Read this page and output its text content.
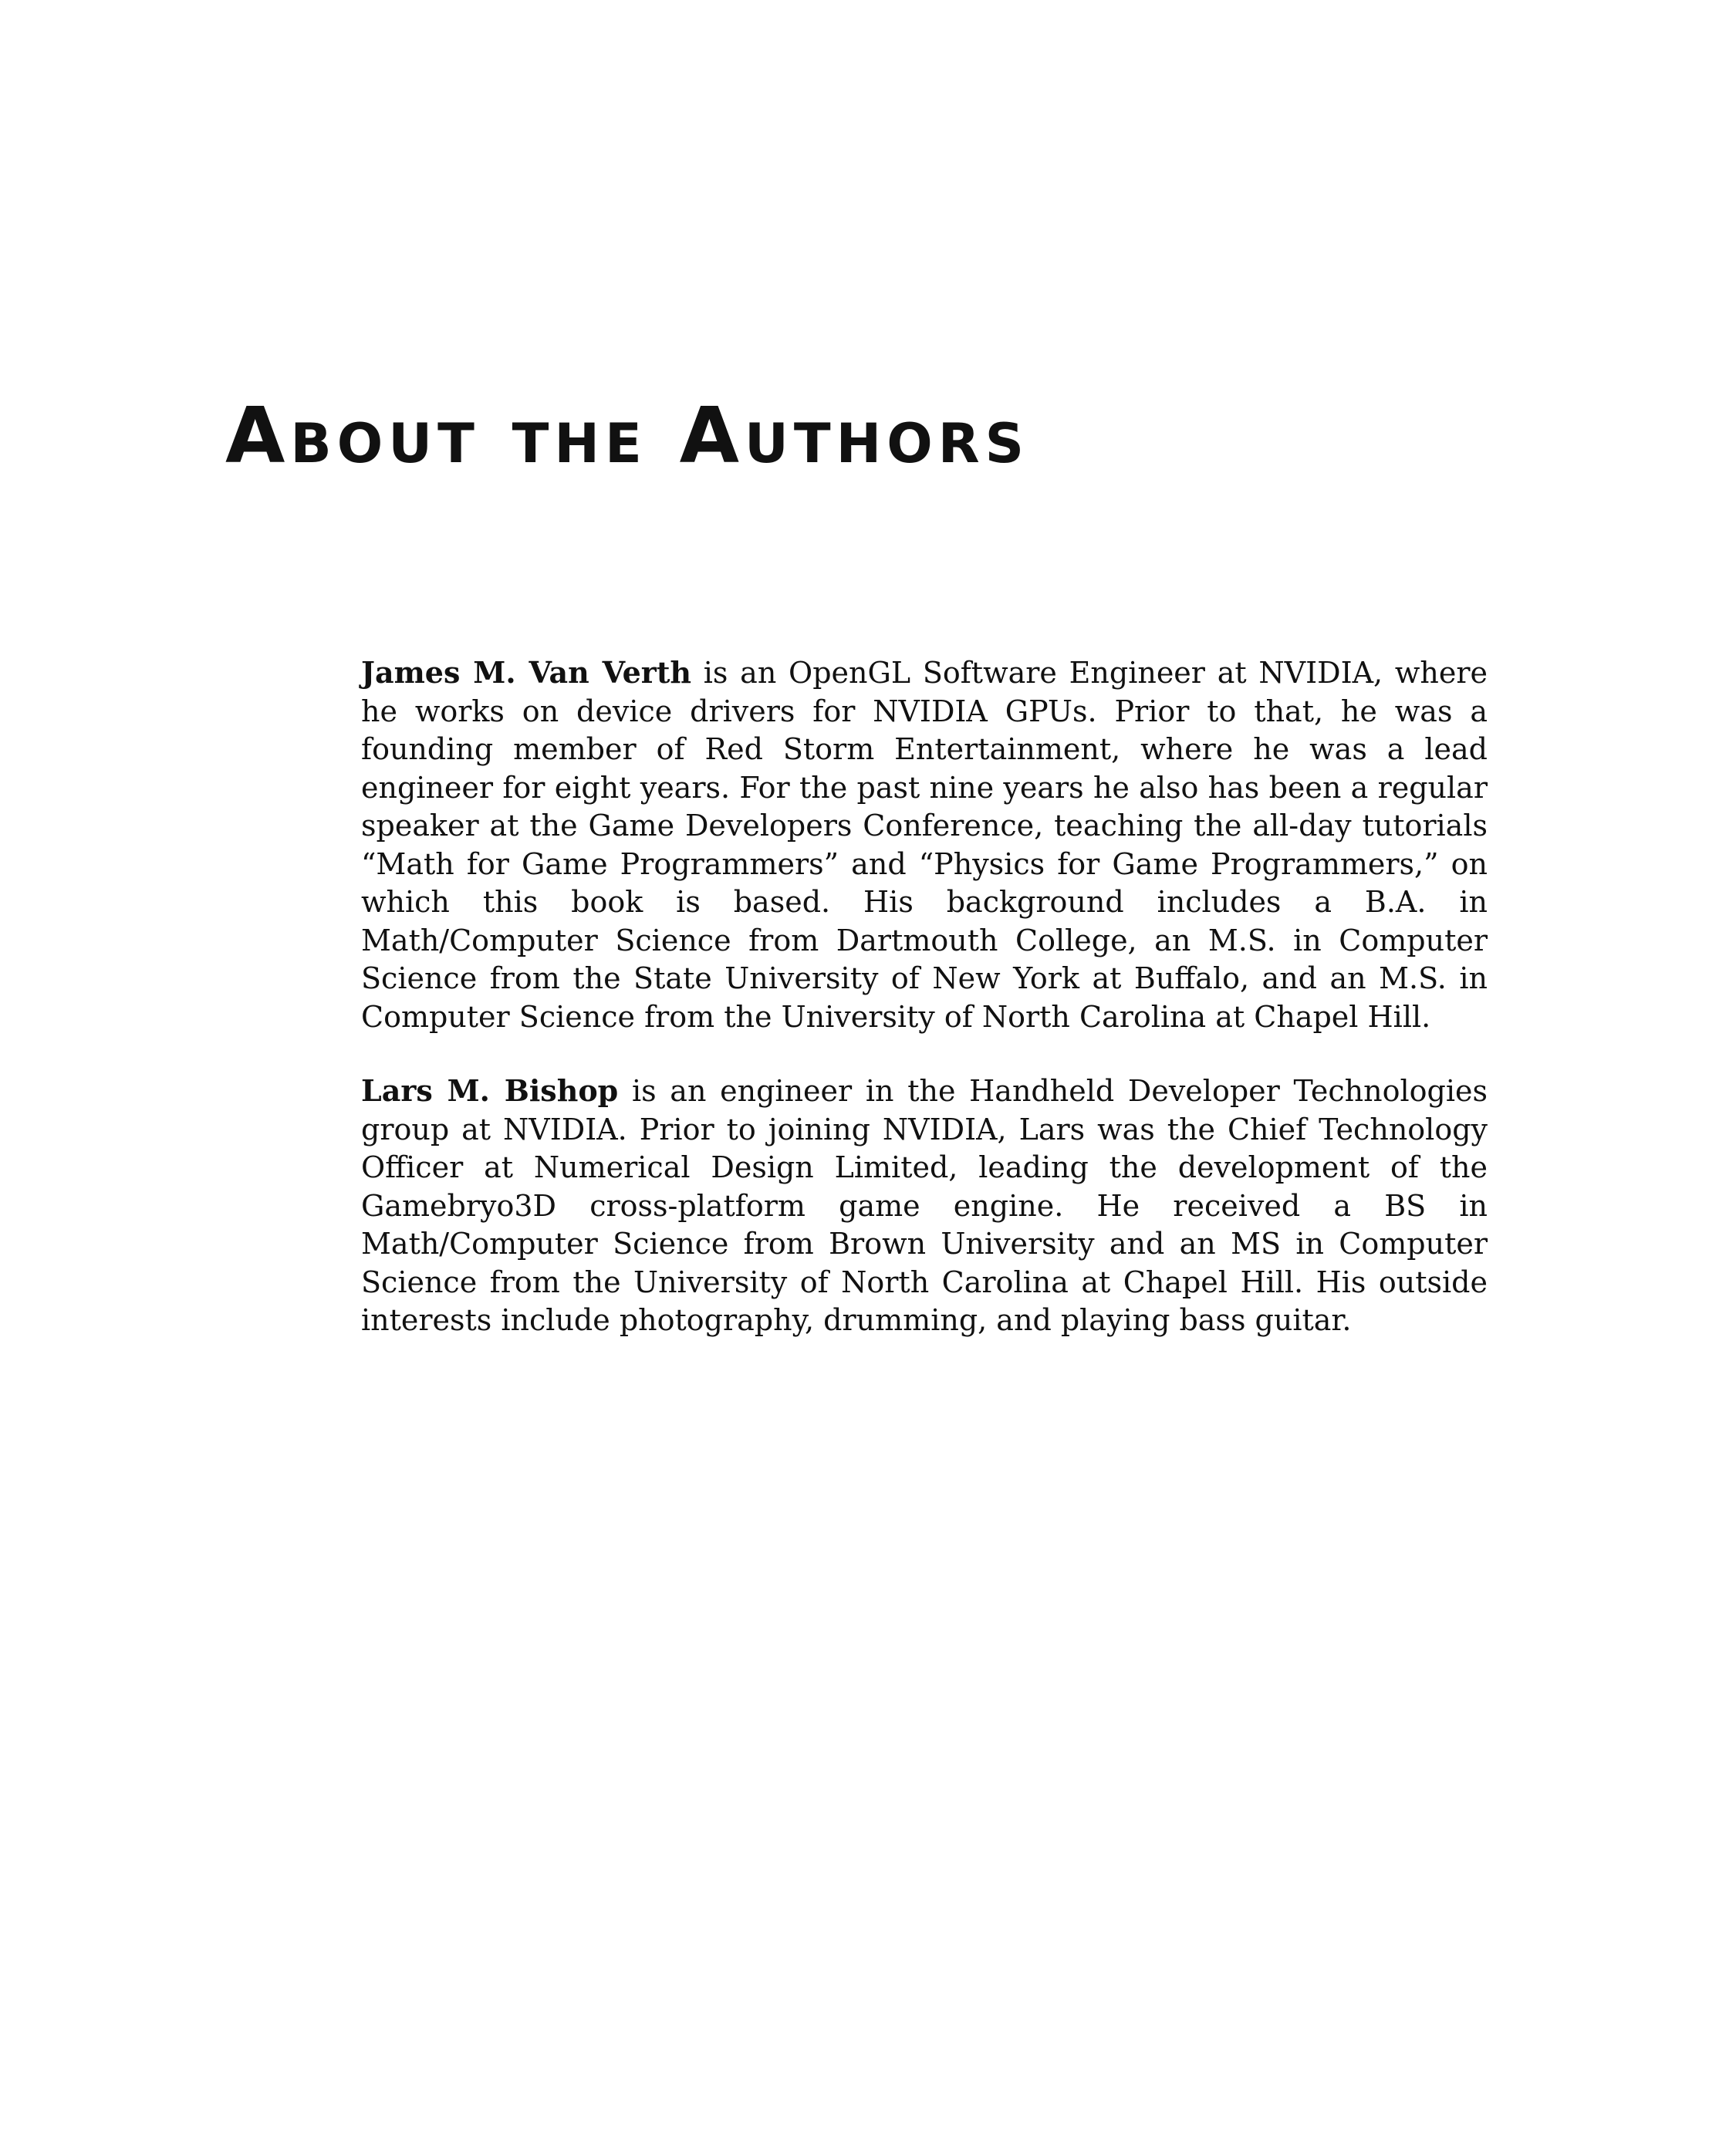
About the Authors

James M. Van Verth is an OpenGL Software Engineer at NVIDIA, where he works on device drivers for NVIDIA GPUs. Prior to that, he was a founding member of Red Storm Entertainment, where he was a lead engineer for eight years. For the past nine years he also has been a regular speaker at the Game Developers Conference, teaching the all-day tutorials “Math for Game Programmers” and “Physics for Game Programmers,” on which this book is based. His background includes a B.A. in Math/Computer Science from Dartmouth College, an M.S. in Computer Science from the State University of New York at Buffalo, and an M.S. in Computer Science from the University of North Carolina at Chapel Hill.

Lars M. Bishop is an engineer in the Handheld Developer Technologies group at NVIDIA. Prior to joining NVIDIA, Lars was the Chief Technology Officer at Numerical Design Limited, leading the development of the Gamebryo3D cross-platform game engine. He received a BS in Math/Computer Science from Brown University and an MS in Computer Science from the University of North Carolina at Chapel Hill. His outside interests include photography, drumming, and playing bass guitar.
